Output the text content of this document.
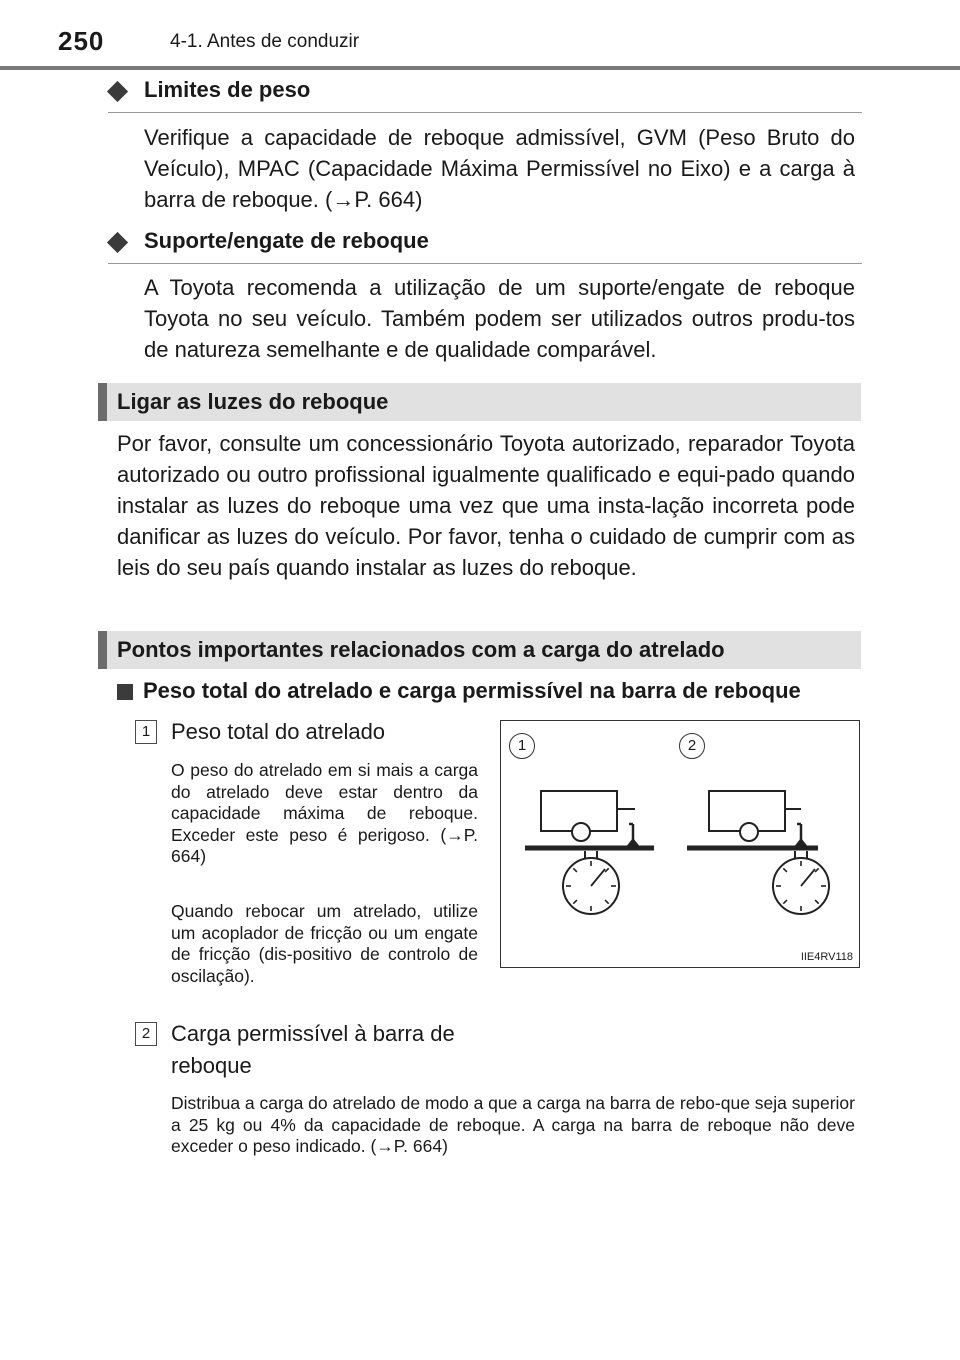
250	4-1. Antes de conduzir
Limites de peso
Verifique a capacidade de reboque admissível, GVM (Peso Bruto do Veículo), MPAC (Capacidade Máxima Permissível no Eixo) e a carga à barra de reboque. (→P. 664)
Suporte/engate de reboque
A Toyota recomenda a utilização de um suporte/engate de reboque Toyota no seu veículo. Também podem ser utilizados outros produ-tos de natureza semelhante e de qualidade comparável.
Ligar as luzes do reboque
Por favor, consulte um concessionário Toyota autorizado, reparador Toyota autorizado ou outro profissional igualmente qualificado e equi-pado quando instalar as luzes do reboque uma vez que uma insta-lação incorreta pode danificar as luzes do veículo. Por favor, tenha o cuidado de cumprir com as leis do seu país quando instalar as luzes do reboque.
Pontos importantes relacionados com a carga do atrelado
Peso total do atrelado e carga permissível na barra de reboque
1 Peso total do atrelado
O peso do atrelado em si mais a carga do atrelado deve estar dentro da capacidade máxima de reboque. Exceder este peso é perigoso. (→P. 664)
Quando rebocar um atrelado, utilize um acoplador de fricção ou um engate de fricção (dis-positivo de controlo de oscilação).
2 Carga permissível à barra de
reboque
Distribua a carga do atrelado de modo a que a carga na barra de rebo-que seja superior a 25 kg ou 4% da capacidade de reboque. A carga na barra de reboque não deve exceder o peso indicado. (→P. 664)
1	2
IIE4RV118
